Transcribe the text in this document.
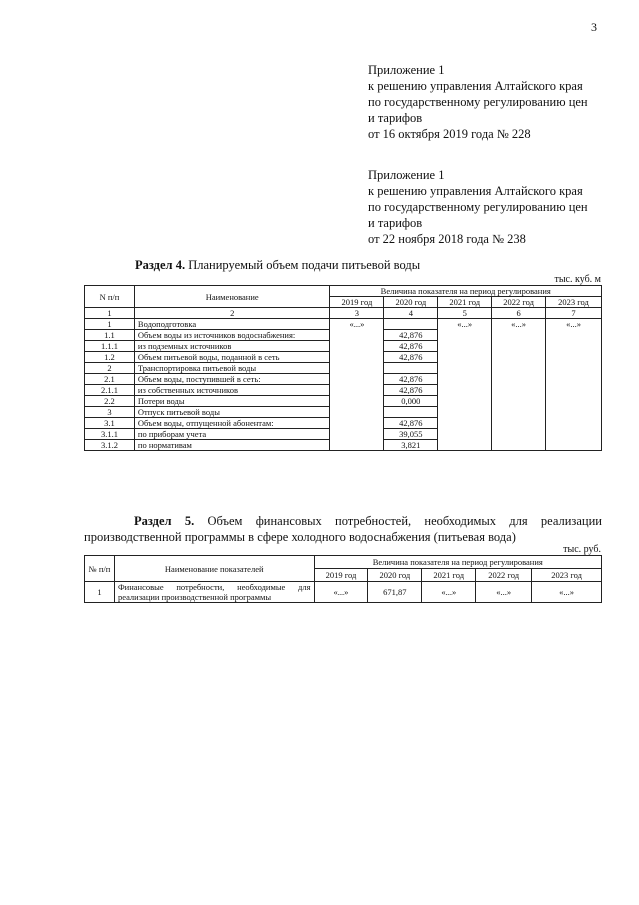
3
Приложение 1
к решению управления Алтайского края
по государственному регулированию цен
и тарифов
от 16 октября 2019 года № 228
Приложение 1
к решению управления Алтайского края
по государственному регулированию цен
и тарифов
от 22 ноября 2018 года № 238
Раздел 4. Планируемый объем подачи питьевой воды
тыс. куб. м
N п/п	Наименование	Величина показателя на период регулирования				
		2019 год	2020 год	2021 год	2022 год	2023 год
1	2	3	4	5	6	7
1	Водоподготовка	«...»		«...»	«...»	«...»
1.1	Объем воды из источников водоснабжения:		42,876			
1.1.1	из подземных источников		42,876			
1.2	Объем питьевой воды, поданной в сеть		42,876			
2	Транспортировка питьевой воды					
2.1	Объем воды, поступившей в сеть:		42,876			
2.1.1	из собственных источников		42,876			
2.2	Потери воды		0,000			
3	Отпуск питьевой воды					
3.1	Объем воды, отпущенной абонентам:		42,876			
3.1.1	по приборам учета		39,055			
3.1.2	по нормативам		3,821			
Раздел 5. Объем финансовых потребностей, необходимых для реализации производственной программы в сфере холодного водоснабжения (питьевая вода)
тыс. руб.
№ п/п	Наименование показателей	Величина показателя на период регулирования				
		2019 год	2020 год	2021 год	2022 год	2023 год
1	Финансовые потребности, необходимые для реализации производственной программы	«...»	671,87	«...»	«...»	«...»
